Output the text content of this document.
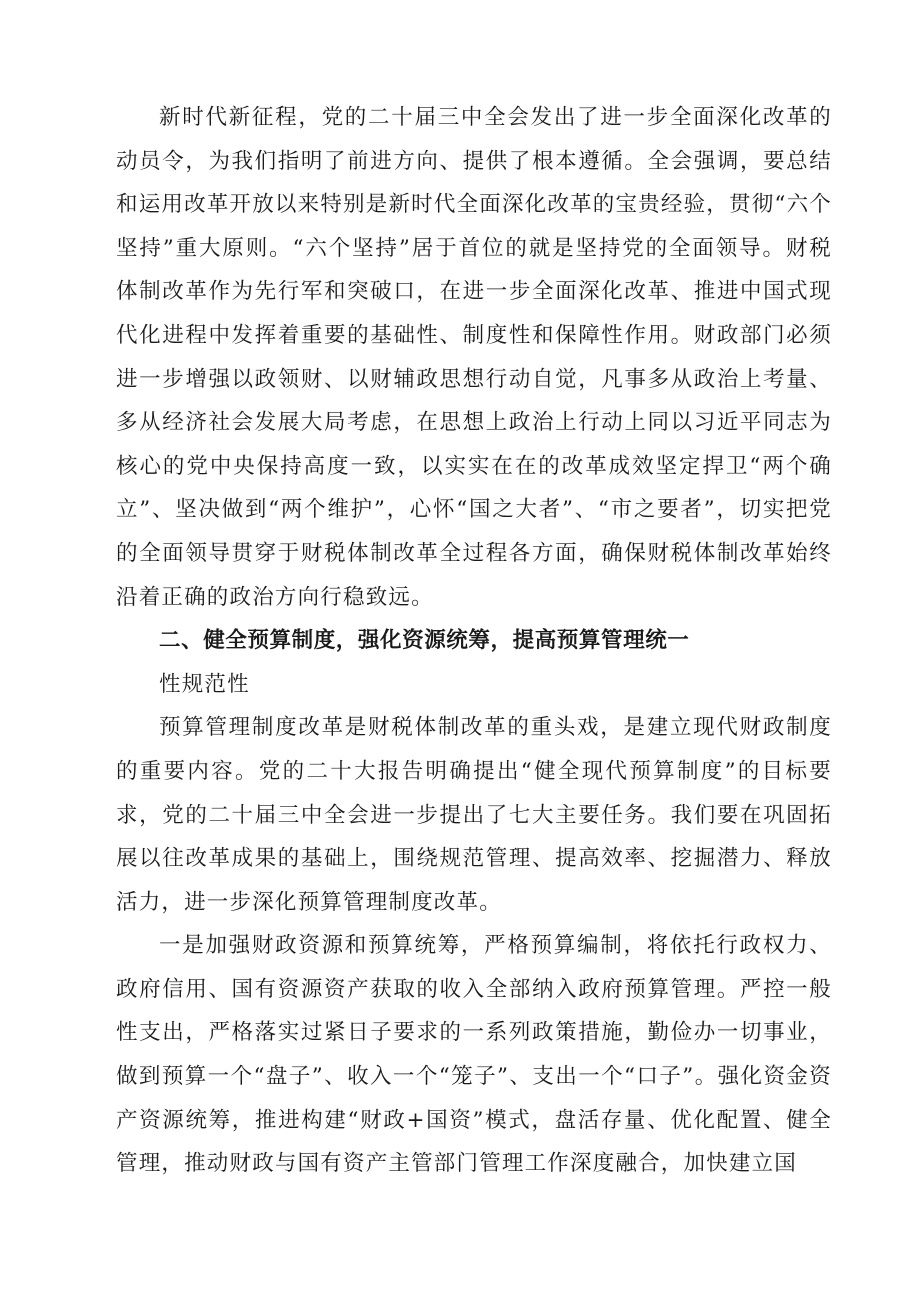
新时代新征程，党的二十届三中全会发出了进一步全面深化改革的动员令，为我们指明了前进方向、提供了根本遵循。全会强调，要总结和运用改革开放以来特别是新时代全面深化改革的宝贵经验，贯彻“六个坚持”重大原则。“六个坚持”居于首位的就是坚持党的全面领导。财税体制改革作为先行军和突破口，在进一步全面深化改革、推进中国式现代化进程中发挥着重要的基础性、制度性和保障性作用。财政部门必须进一步增强以政领财、以财辅政思想行动自觉，凡事多从政治上考量、多从经济社会发展大局考虑，在思想上政治上行动上同以习近平同志为核心的党中央保持高度一致，以实实在在的改革成效坚定捍卫“两个确立”、坚决做到“两个维护”，心怀“国之大者”、“市之要者”，切实把党的全面领导贯穿于财税体制改革全过程各方面，确保财税体制改革始终沿着正确的政治方向行稳致远。

二、健全预算制度，强化资源统筹，提高预算管理统一

性规范性

预算管理制度改革是财税体制改革的重头戏，是建立现代财政制度的重要内容。党的二十大报告明确提出“健全现代预算制度”的目标要求，党的二十届三中全会进一步提出了七大主要任务。我们要在巩固拓展以往改革成果的基础上，围绕规范管理、提高效率、挖掘潜力、释放活力，进一步深化预算管理制度改革。

一是加强财政资源和预算统筹，严格预算编制，将依托行政权力、政府信用、国有资源资产获取的收入全部纳入政府预算管理。严控一般性支出，严格落实过紧日子要求的一系列政策措施，勤俭办一切事业，做到预算一个“盘子”、收入一个“笼子”、支出一个“口子”。强化资金资产资源统筹，推进构建“财政+国资”模式，盘活存量、优化配置、健全管理，推动财政与国有资产主管部门管理工作深度融合，加快建立国
